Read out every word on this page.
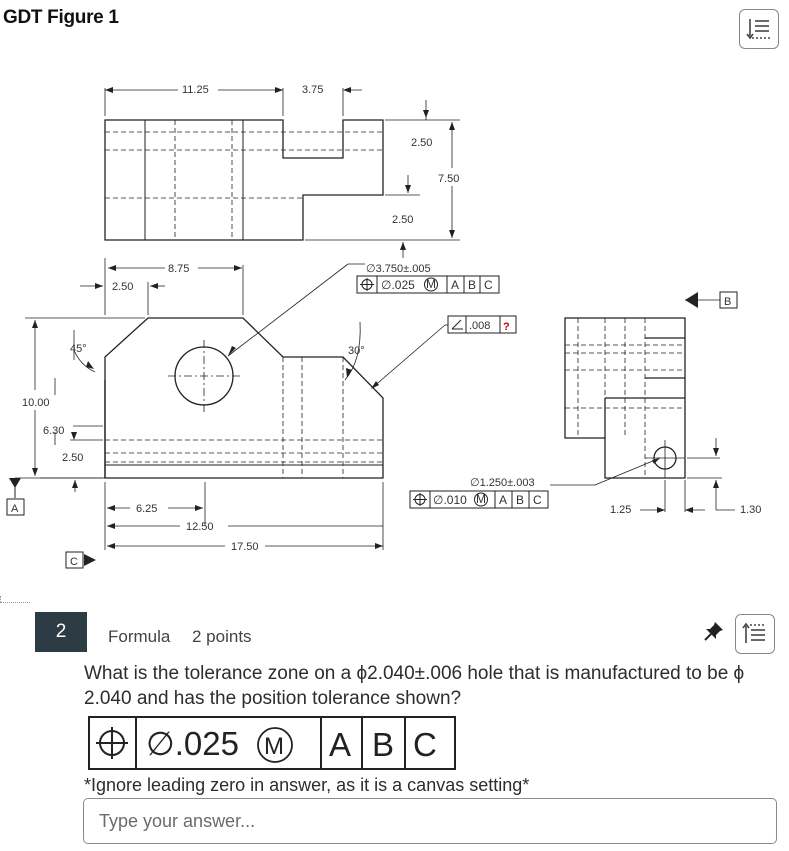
GDT Figure 1
11.25	3.75
2.50
7.50
2.50
8.75
2.50
45°	30°
10.00
6.30
2.50
6.25
12.50
17.50
1.25	1.30
∅3.750±.005
∅.025 M A B C
.008 ?
∅1.250±.003
∅.010 M A B C
B
A
C
2	Formula 2 points
What is the tolerance zone on a ϕ2.040±.006 hole that is manufactured to be ϕ 2.040 and has the position tolerance shown?
∅.025 M A B C
*Ignore leading zero in answer, as it is a canvas setting*
Type your answer...
